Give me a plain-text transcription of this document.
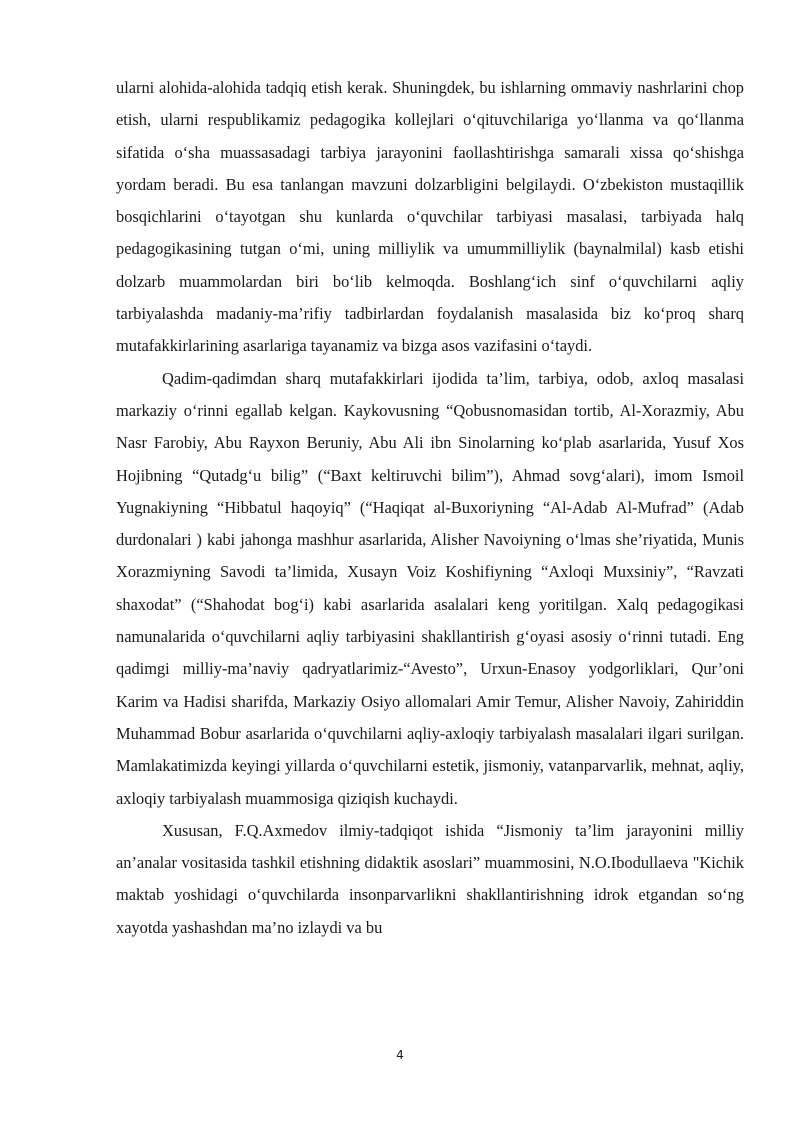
ularni alohida-alohida tadqiq etish kerak. Shuningdek, bu ishlarning ommaviy nashrlarini chop etish, ularni respublikamiz pedagogika kollejlari o‘qituvchilariga yo‘llanma va qo‘llanma sifatida o‘sha muassasadagi tarbiya jarayonini faollashtirishga samarali xissa qo‘shishga yordam beradi. Bu esa tanlangan mavzuni dolzarbligini belgilaydi. O‘zbekiston mustaqillik bosqichlarini o‘tayotgan shu kunlarda o‘quvchilar tarbiyasi masalasi, tarbiyada halq pedagogikasining tutgan o‘mi, uning milliylik va umummilliylik (baynalmilal) kasb etishi dolzarb muammolardan biri bo‘lib kelmoqda. Boshlang‘ich sinf o‘quvchilarni aqliy tarbiyalashda madaniy-ma’rifiy tadbirlardan foydalanish masalasida biz ko‘proq sharq mutafakkirlarining asarlariga tayanamiz va bizga asos vazifasini o‘taydi.

Qadim-qadimdan sharq mutafakkirlari ijodida ta’lim, tarbiya, odob, axloq masalasi markaziy o‘rinni egallab kelgan. Kaykovusning “Qobusnomasidan tortib, Al-Xorazmiy, Abu Nasr Farobiy, Abu Rayxon Beruniy, Abu Ali ibn Sinolarning ko‘plab asarlarida, Yusuf Xos Hojibning “Qutadg‘u bilig” (“Baxt keltiruvchi bilim”), Ahmad sovg‘alari), imom Ismoil Yugnakiyning “Hibbatul haqoyiq” (“Haqiqat al-Buxoriyning “Al-Adab Al-Mufrad” (Adab durdonalari ) kabi jahonga mashhur asarlarida, Alisher Navoiyning o‘lmas she’riyatida, Munis Xorazmiyning Savodi ta’limida, Xusayn Voiz Koshifiyning “Axloqi Muxsiniy”, “Ravzati shaxodat” (“Shahodat bog‘i) kabi asarlarida asalalari keng yoritilgan. Xalq pedagogikasi namunalarida o‘quvchilarni aqliy tarbiyasini shakllantirish g‘oyasi asosiy o‘rinni tutadi. Eng qadimgi milliy-ma’naviy qadryatlarimiz-“Avesto”, Urxun-Enasoy yodgorliklari, Qur’oni Karim va Hadisi sharifda, Markaziy Osiyo allomalari Amir Temur, Alisher Navoiy, Zahiriddin Muhammad Bobur asarlarida o‘quvchilarni aqliy-axloqiy tarbiyalash masalalari ilgari surilgan. Mamlakatimizda keyingi yillarda o‘quvchilarni estetik, jismoniy, vatanparvarlik, mehnat, aqliy, axloqiy tarbiyalash muammosiga qiziqish kuchaydi.

Xususan, F.Q.Axmedov ilmiy-tadqiqot ishida “Jismoniy ta’lim jarayonini milliy an’analar vositasida tashkil etishning didaktik asoslari” muammosini, N.O.Ibodullaeva "Kichik maktab yoshidagi o‘quvchilarda insonparvarlikni shakllantirishning idrok etgandan so‘ng xayotda yashashdan ma’no izlaydi va bu

4
